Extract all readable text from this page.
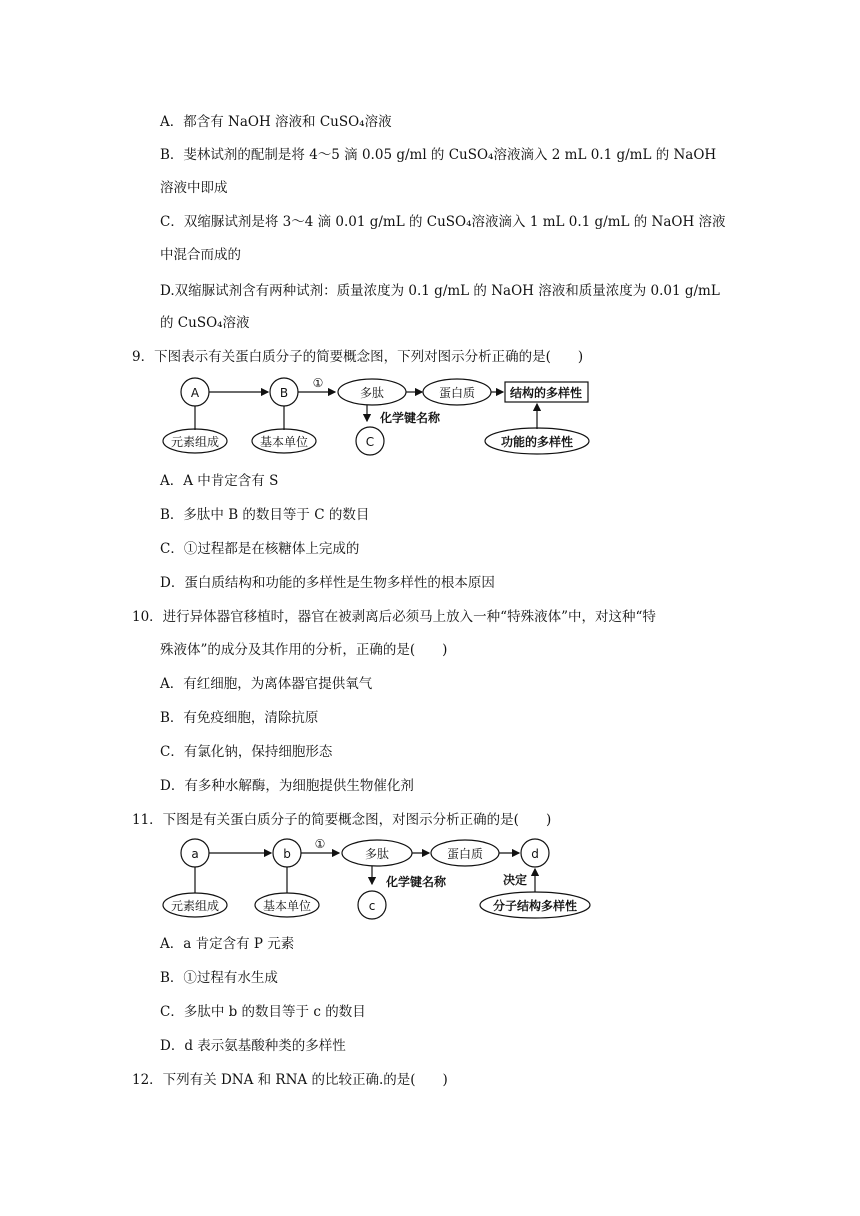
A．都含有 NaOH 溶液和 CuSO₄溶液
B．斐林试剂的配制是将 4～5 滴 0.05 g/ml 的 CuSO₄溶液滴入 2 mL 0.1 g/mL 的 NaOH
溶液中即成
C．双缩脲试剂是将 3～4 滴 0.01 g/mL 的 CuSO₄溶液滴入 1 mL 0.1 g/mL 的 NaOH 溶液
中混合而成的
D.双缩脲试剂含有两种试剂：质量浓度为 0.1 g/mL 的 NaOH 溶液和质量浓度为 0.01 g/mL
的 CuSO₄溶液
9．下图表示有关蛋白质分子的简要概念图，下列对图示分析正确的是(　　)
A	B
①
多肽	蛋白质	结构的多样性
元素组成	基本单位
化学键名称
C	功能的多样性
A．A 中肯定含有 S
B．多肽中 B 的数目等于 C 的数目
C．①过程都是在核糖体上完成的
D．蛋白质结构和功能的多样性是生物多样性的根本原因
10．进行异体器官移植时，器官在被剥离后必须马上放入一种“特殊液体”中，对这种“特
殊液体”的成分及其作用的分析，正确的是(　　)
A．有红细胞，为离体器官提供氧气
B．有免疫细胞，清除抗原
C．有氯化钠，保持细胞形态
D．有多种水解酶，为细胞提供生物催化剂
11．下图是有关蛋白质分子的简要概念图，对图示分析正确的是(　　)
a	b
①
多肽	蛋白质	d
元素组成	基本单位
化学键名称
c
决定
分子结构多样性
A．a 肯定含有 P 元素
B．①过程有水生成
C．多肽中 b 的数目等于 c 的数目
D．d 表示氨基酸种类的多样性
12．下列有关 DNA 和 RNA 的比较正确.的是(　　)
